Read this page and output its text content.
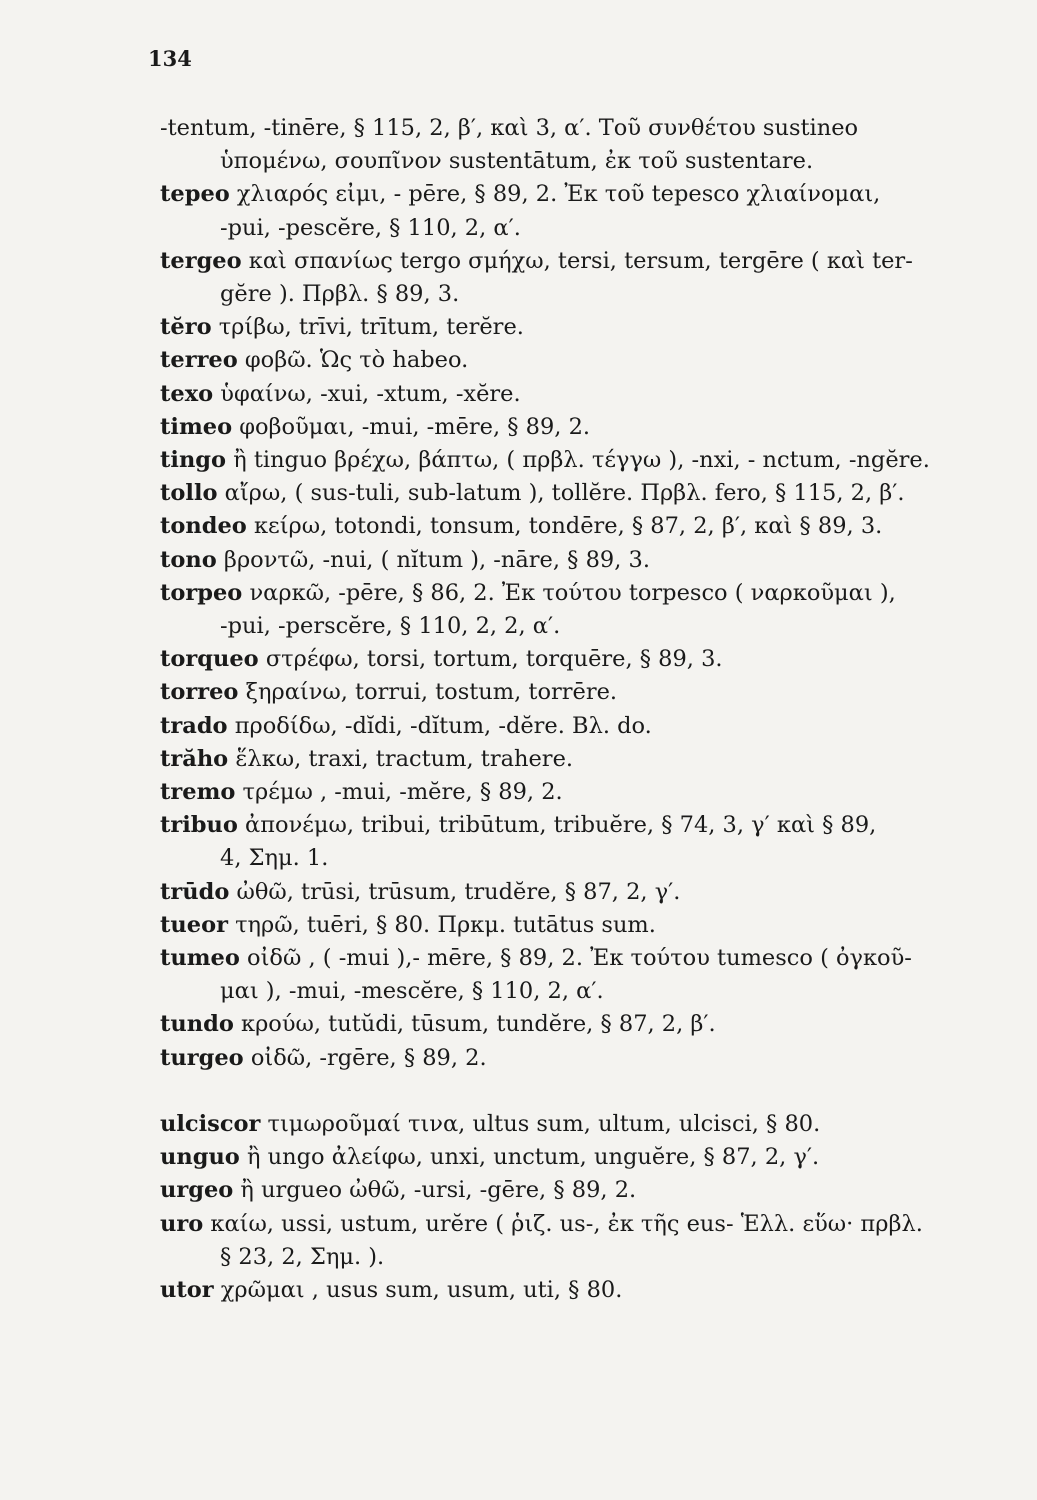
134
-tentum, -tinēre, § 115, 2, β′, καὶ 3, α′. Τοῦ συνθέτου sustineo
ὑπομένω, σουπῖνον sustentātum, ἐκ τοῦ sustentare.
tepeo χλιαρός εἰμι, - pēre, § 89, 2. Ἐκ τοῦ tepesco χλιαίνομαι,
-pui, -pescĕre, § 110, 2, α′.
tergeo καὶ σπανίως tergo σμήχω, tersi, tersum, tergēre ( καὶ ter-
gĕre ). Πρβλ. § 89, 3.
tĕro τρίβω, trīvi, trītum, terĕre.
terreo φοβῶ. Ὡς τὸ habeo.
texo ὑφαίνω, -xui, -xtum, -xĕre.
timeo φοβοῦμαι, -mui, -mēre, § 89, 2.
tingo ἢ tinguo βρέχω, βάπτω, ( πρβλ. τέγγω ), -nxi, - nctum, -ngĕre.
tollo αἴρω, ( sus-tuli, sub-latum ), tollĕre. Πρβλ. fero, § 115, 2, β′.
tondeo κείρω, totondi, tonsum, tondēre, § 87, 2, β′, καὶ § 89, 3.
tono βροντῶ, -nui, ( nĭtum ), -nāre, § 89, 3.
torpeo ναρκῶ, -pēre, § 86, 2. Ἐκ τούτου torpesco ( ναρκοῦμαι ),
-pui, -perscĕre, § 110, 2, 2, α′.
torqueo στρέφω, torsi, tortum, torquēre, § 89, 3.
torreo ξηραίνω, torrui, tostum, torrēre.
trado προδίδω, -dĭdi, -dĭtum, -dĕre. Βλ. do.
trăho ἕλκω, traxi, tractum, trahere.
tremo τρέμω , -mui, -mĕre, § 89, 2.
tribuo ἀπονέμω, tribui, tribūtum, tribuĕre, § 74, 3, γ′ καὶ § 89,
4, Σημ. 1.
trūdo ὠθῶ, trūsi, trūsum, trudĕre, § 87, 2, γ′.
tueor τηρῶ, tuēri, § 80. Πρκμ. tutātus sum.
tumeo οἰδῶ , ( -mui ),- mēre, § 89, 2. Ἐκ τούτου tumesco ( ὀγκοῦ-
μαι ), -mui, -mescĕre, § 110, 2, α′.
tundo κρούω, tutŭdi, tūsum, tundĕre, § 87, 2, β′.
turgeo οἰδῶ, -rgēre, § 89, 2.
ulciscor τιμωροῦμαί τινα, ultus sum, ultum, ulcisci, § 80.
unguo ἢ ungo ἀλείφω, unxi, unctum, unguĕre, § 87, 2, γ′.
urgeo ἢ urgueo ὠθῶ, -ursi, -gēre, § 89, 2.
uro καίω, ussi, ustum, urĕre ( ῥιζ. us-, ἐκ τῆς eus- Ἑλλ. εὕω· πρβλ.
§ 23, 2, Σημ. ).
utor χρῶμαι , usus sum, usum, uti, § 80.
